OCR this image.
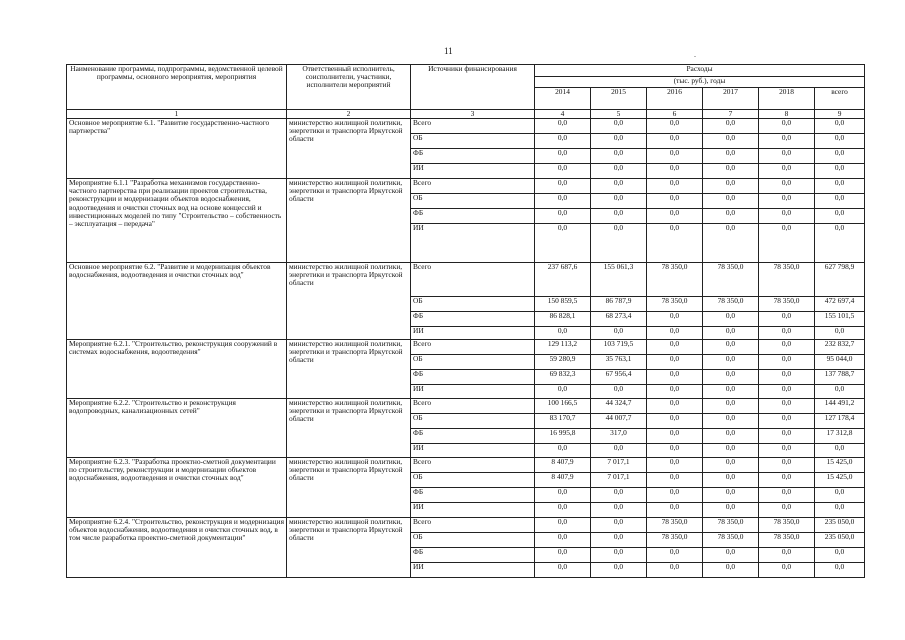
11	.
Наименование программы, подпрограммы, ведомственной целевой программы, основного мероприятия, мероприятия	Ответственный исполнитель, соисполнители, участники, исполнители мероприятий	Источники финансирования	Расходы					
			(тыс. руб.), годы					
			2014	2015	2016	2017	2018	всего
1	2	3	4	5	6	7	8	9
Основное мероприятие 6.1. "Развитие государственно-частного партнерства"	министерство жилищной политики, энергетики и транспорта Иркутской области	Всего	0,0	0,0	0,0	0,0	0,0	0,0
		ОБ	0,0	0,0	0,0	0,0	0,0	0,0
		ФБ	0,0	0,0	0,0	0,0	0,0	0,0
		ИИ	0,0	0,0	0,0	0,0	0,0	0,0
Мероприятие 6.1.1 "Разработка механизмов государственно-частного партнерства при реализации проектов строительства, реконструкции и модернизации объектов водоснабжения, водоотведения и очистки сточных вод на основе концессий и инвестиционных моделей по типу "Строительство – собственность – эксплуатация – передача"	министерство жилищной политики, энергетики и транспорта Иркутской области	Всего	0,0	0,0	0,0	0,0	0,0	0,0
		ОБ	0,0	0,0	0,0	0,0	0,0	0,0
		ФБ	0,0	0,0	0,0	0,0	0,0	0,0
		ИИ	0,0	0,0	0,0	0,0	0,0	0,0
Основное мероприятие 6.2. "Развитие и модернизация объектов водоснабжения, водоотведения и очистки сточных вод"	министерство жилищной политики, энергетики и транспорта Иркутской области	Всего	237 687,6	155 061,3	78 350,0	78 350,0	78 350,0	627 798,9
		ОБ	150 859,5	86 787,9	78 350,0	78 350,0	78 350,0	472 697,4
		ФБ	86 828,1	68 273,4	0,0	0,0	0,0	155 101,5
		ИИ	0,0	0,0	0,0	0,0	0,0	0,0
Мероприятие 6.2.1. "Строительство, реконструкция сооружений в системах водоснабжения, водоотведения"	министерство жилищной политики, энергетики и транспорта Иркутской области	Всего	129 113,2	103 719,5	0,0	0,0	0,0	232 832,7
		ОБ	59 280,9	35 763,1	0,0	0,0	0,0	95 044,0
		ФБ	69 832,3	67 956,4	0,0	0,0	0,0	137 788,7
		ИИ	0,0	0,0	0,0	0,0	0,0	0,0
Мероприятие 6.2.2. "Строительство и реконструкция водопроводных, канализационных сетей"	министерство жилищной политики, энергетики и транспорта Иркутской области	Всего	100 166,5	44 324,7	0,0	0,0	0,0	144 491,2
		ОБ	83 170,7	44 007,7	0,0	0,0	0,0	127 178,4
		ФБ	16 995,8	317,0	0,0	0,0	0,0	17 312,8
		ИИ	0,0	0,0	0,0	0,0	0,0	0,0
Мероприятие 6.2.3. "Разработка проектно-сметной документации по строительству, реконструкции и модернизации объектов водоснабжения, водоотведения и очистки сточных вод"	министерство жилищной политики, энергетики и транспорта Иркутской области	Всего	8 407,9	7 017,1	0,0	0,0	0,0	15 425,0
		ОБ	8 407,9	7 017,1	0,0	0,0	0,0	15 425,0
		ФБ	0,0	0,0	0,0	0,0	0,0	0,0
		ИИ	0,0	0,0	0,0	0,0	0,0	0,0
Мероприятие 6.2.4. "Строительство, реконструкция и модернизация объектов водоснабжения, водоотведения и очистки сточных вод, в том числе разработка проектно-сметной документации"	министерство жилищной политики, энергетики и транспорта Иркутской области	Всего	0,0	0,0	78 350,0	78 350,0	78 350,0	235 050,0
		ОБ	0,0	0,0	78 350,0	78 350,0	78 350,0	235 050,0
		ФБ	0,0	0,0	0,0	0,0	0,0	0,0
		ИИ	0,0	0,0	0,0	0,0	0,0	0,0
